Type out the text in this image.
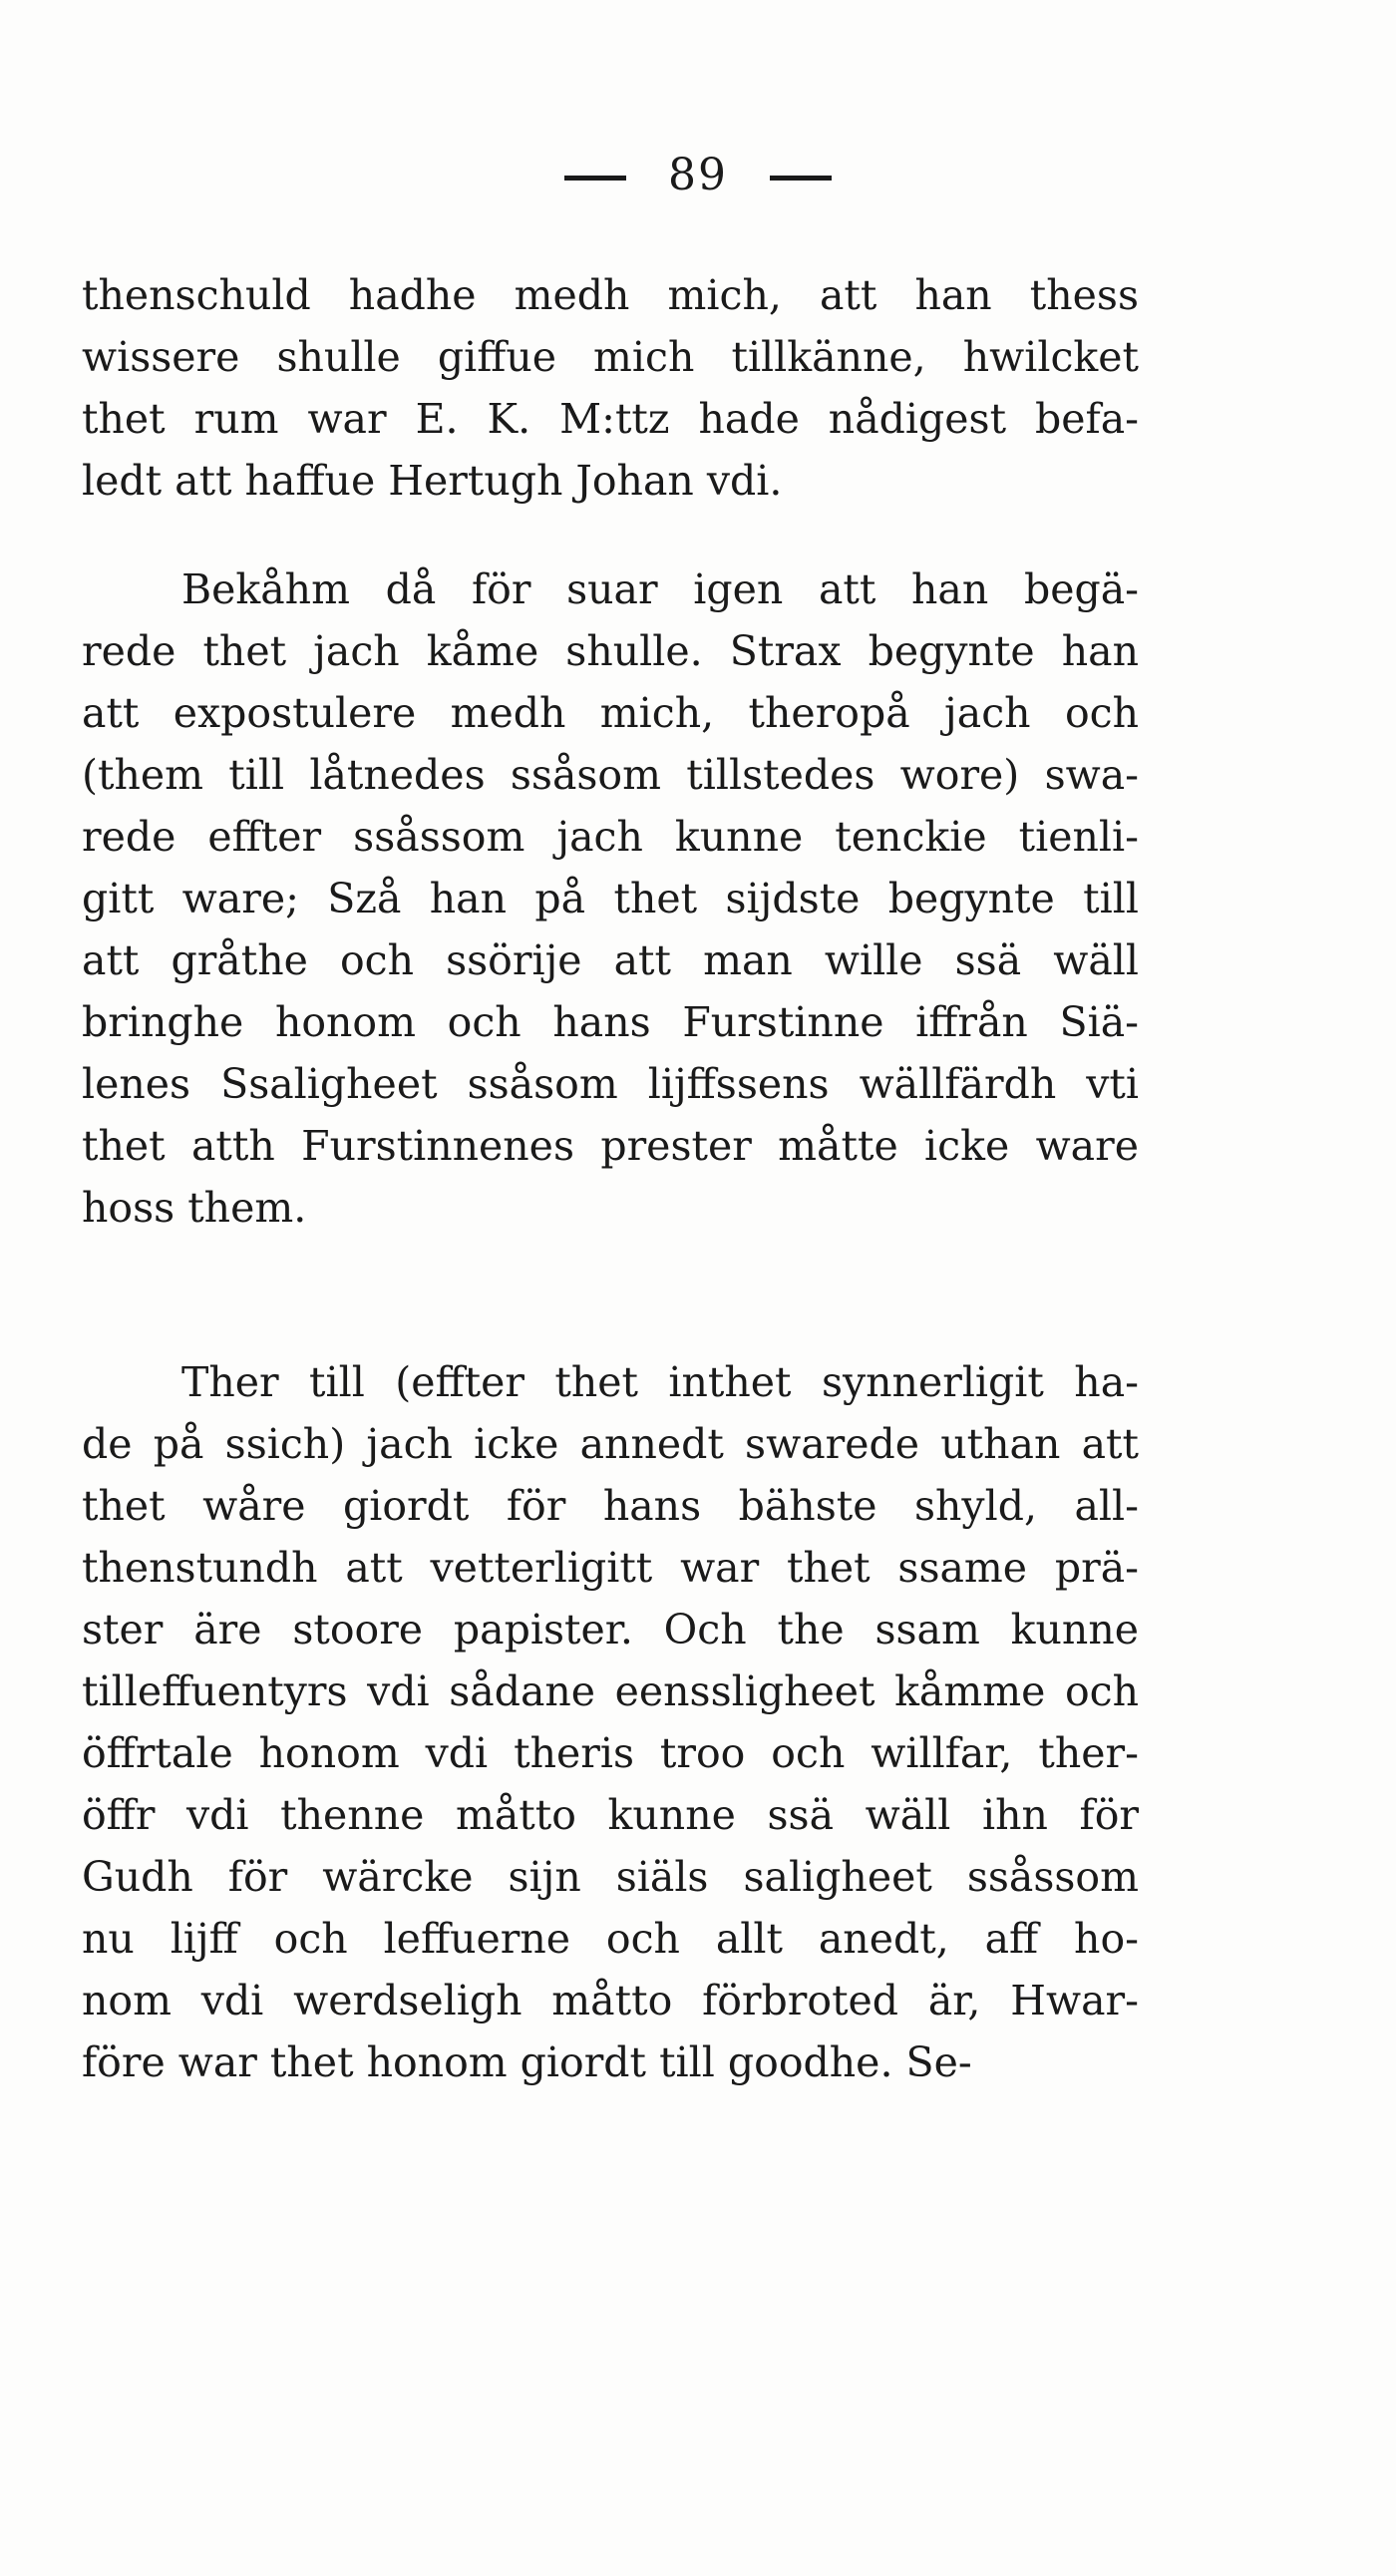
89
thenschuld hadhe medh mich, att han thess
wissere shulle giffue mich tillkänne, hwilcket
thet rum war E. K. M:ttz hade nådigest befa-
ledt att haffue Hertugh Johan vdi.
Bekåhm då för suar igen att han begä-
rede thet jach kåme shulle. Strax begynte han
att expostulere medh mich, theropå jach och
(them till låtnedes ssåsom tillstedes wore) swa-
rede effter ssåssom jach kunne tenckie tienli-
gitt ware; Szå han på thet sijdste begynte till
att gråthe och ssörije att man wille ssä wäll
bringhe honom och hans Furstinne iffrån Siä-
lenes Ssaligheet ssåsom lijffssens wällfärdh vti
thet atth Furstinnenes prester måtte icke ware
hoss them.
Ther till (effter thet inthet synnerligit ha-
de på ssich) jach icke annedt swarede uthan att
thet wåre giordt för hans bähste shyld, all-
thenstundh att vetterligitt war thet ssame prä-
ster äre stoore papister. Och the ssam kunne
tilleffuentyrs vdi sådane eenssligheet kåmme och
öffrtale honom vdi theris troo och willfar, ther-
öffr vdi thenne måtto kunne ssä wäll ihn för
Gudh för wärcke sijn siäls saligheet ssåssom
nu lijff och leffuerne och allt anedt, aff ho-
nom vdi werdseligh måtto förbroted är, Hwar-
före war thet honom giordt till goodhe. Se-
